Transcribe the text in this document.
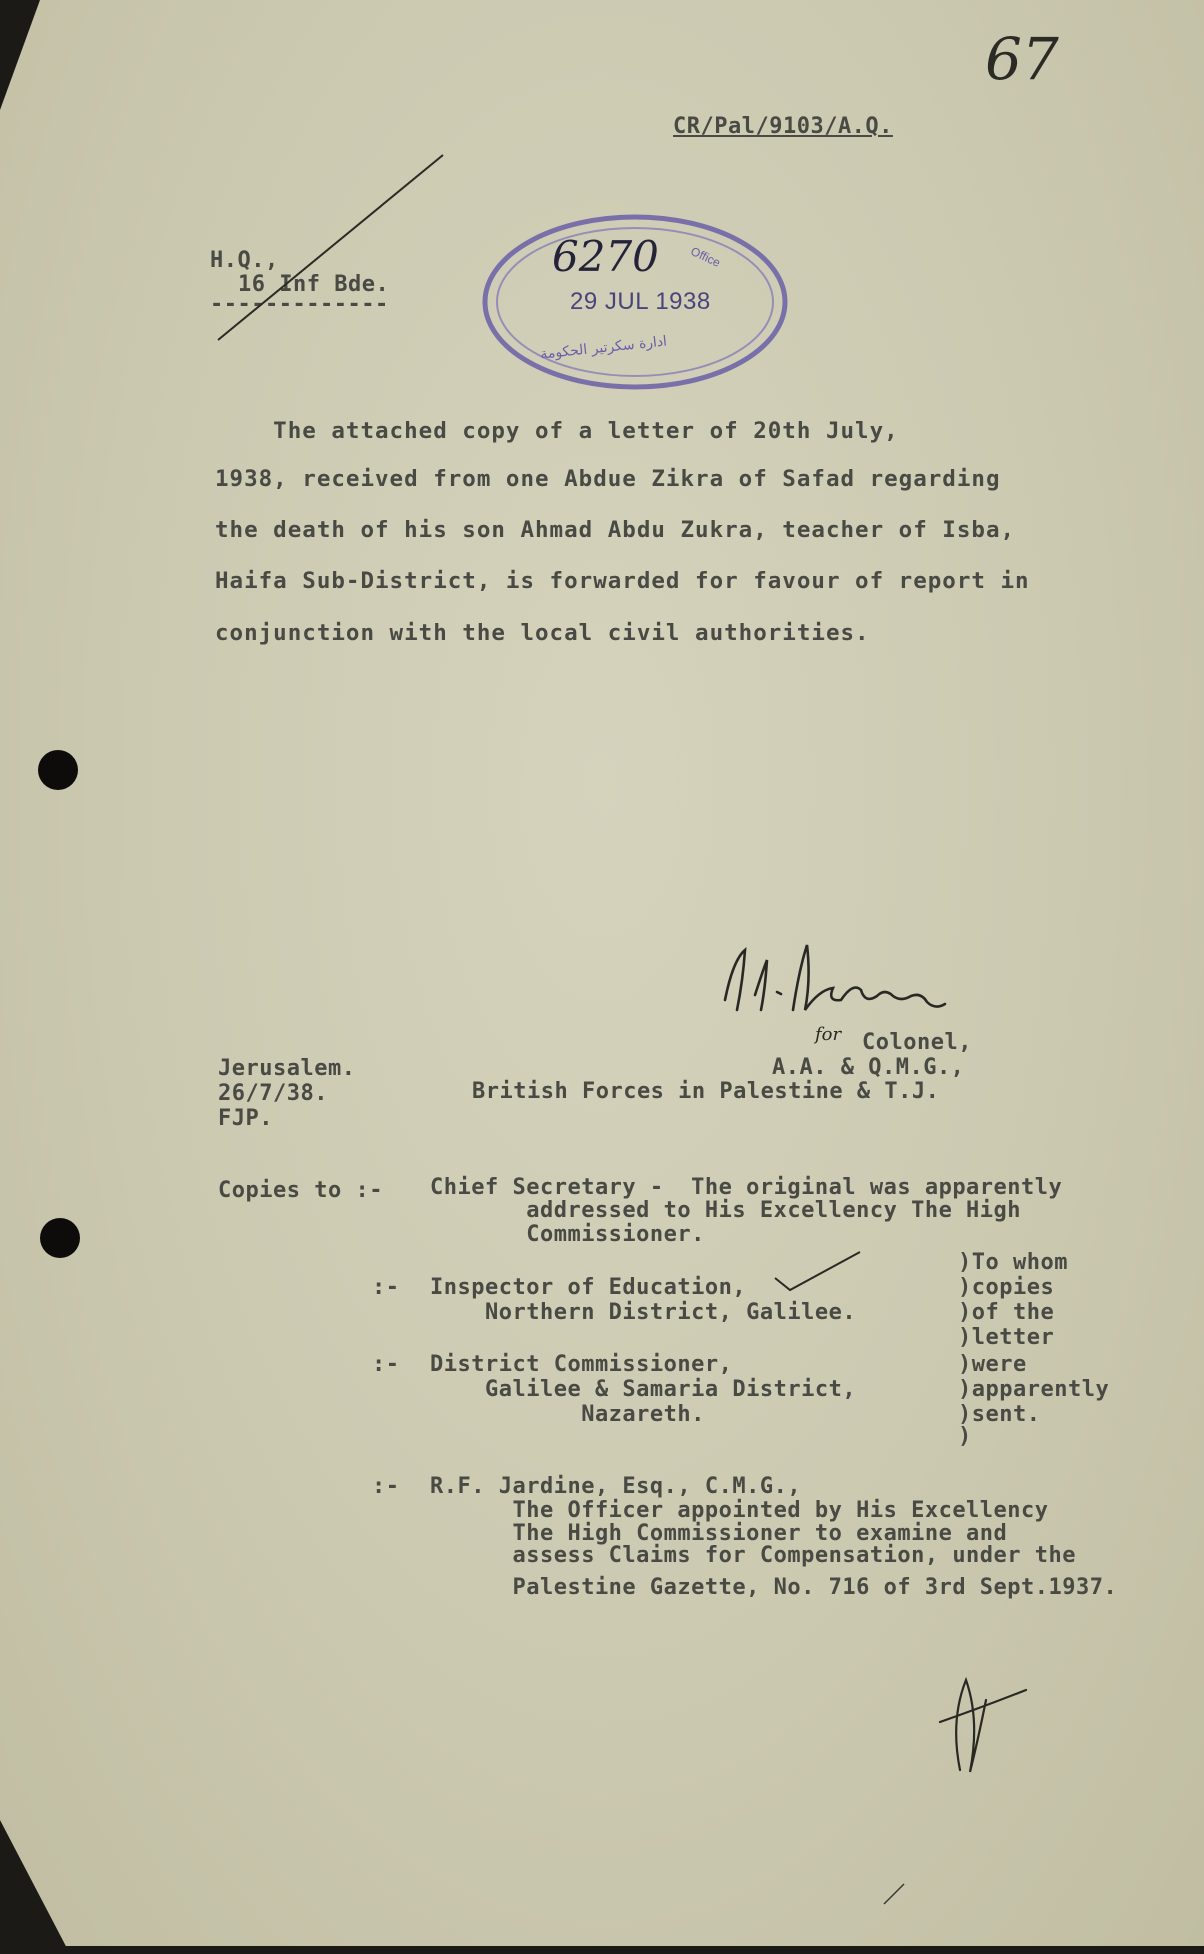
67

CR/Pal/9103/A.Q.

H.Q.,

16 Inf Bde.

-------------

6270
29 JUL 1938
Office
ادارة سكرتير الحكومة

The attached copy of a letter of 20th July,

1938, received from one Abdue Zikra of Safad regarding

the death of his son Ahmad Abdu Zukra, teacher of Isba,

Haifa Sub-District, is forwarded for favour of report in

conjunction with the local civil authorities.

for Colonel,

A.A. & Q.M.G.,

British Forces in Palestine & T.J.

Jerusalem.

26/7/38.

FJP.

Copies to :- Chief Secretary -  The original was apparently

addressed to His Excellency The High

Commissioner.

:- Inspector of Education,

Northern District, Galilee.

:- District Commissioner,

Galilee & Samaria District,

Nazareth.

)To whom

)copies

)of the

)letter

)were

)apparently

)sent.

)

:- R.F. Jardine, Esq., C.M.G.,

The Officer appointed by His Excellency

The High Commissioner to examine and

assess Claims for Compensation, under the

Palestine Gazette, No. 716 of 3rd Sept.1937.
